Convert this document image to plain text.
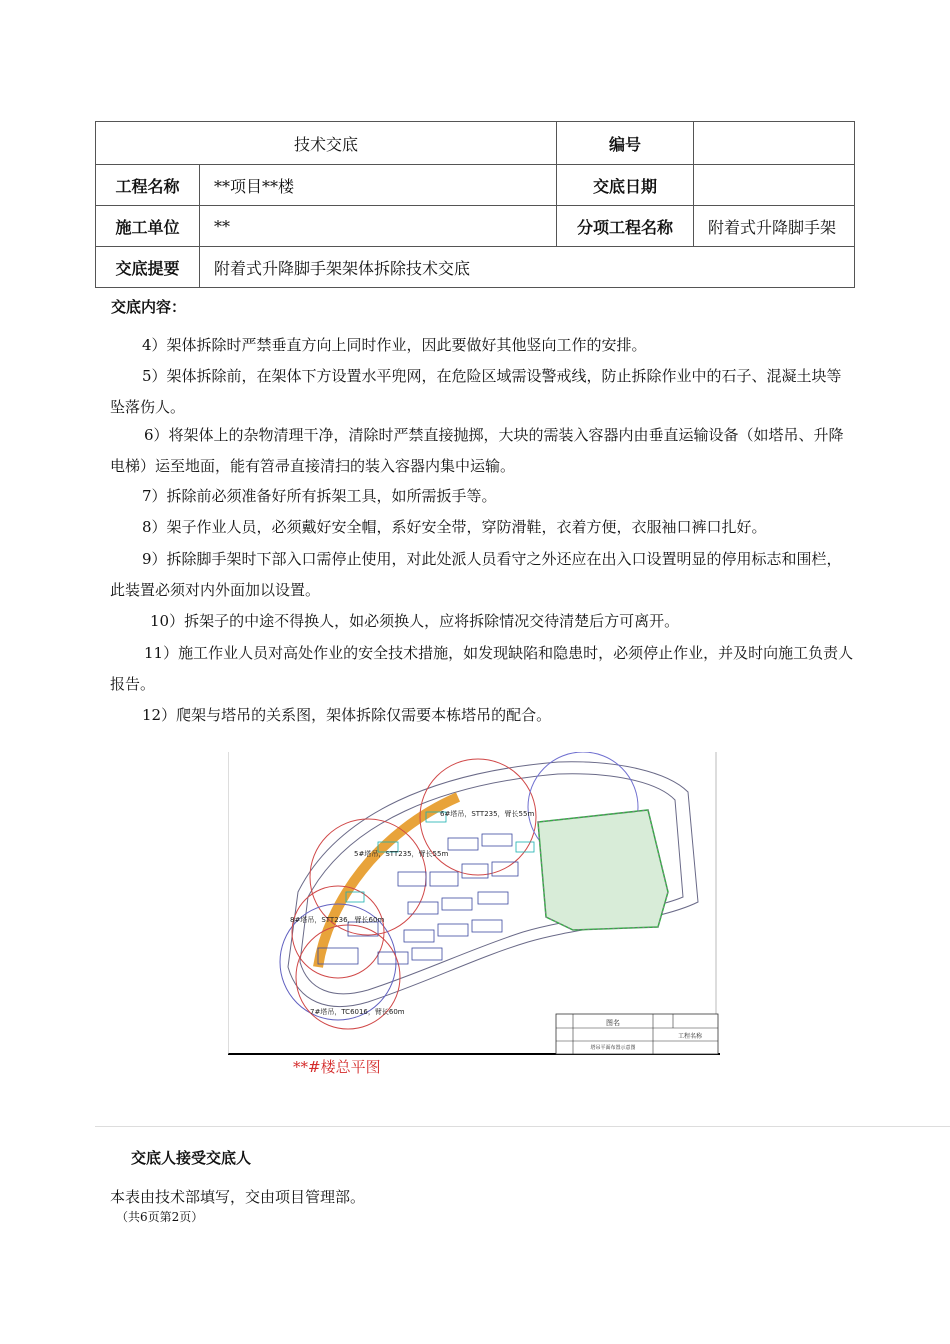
技术交底		编号	
工程名称	**项目**楼	交底日期	
施工单位	**	分项工程名称	附着式升降脚手架
交底提要	附着式升降脚手架架体拆除技术交底		
交底内容：

4）架体拆除时严禁垂直方向上同时作业，因此要做好其他竖向工作的安排。

5）架体拆除前，在架体下方设置水平兜网，在危险区域需设警戒线，防止拆除作业中的石子、混凝土块等坠落伤人。

6）将架体上的杂物清理干净，清除时严禁直接抛掷，大块的需装入容器内由垂直运输设备（如塔吊、升降电梯）运至地面，能有笤帚直接清扫的装入容器内集中运输。

7）拆除前必须准备好所有拆架工具，如所需扳手等。

8）架子作业人员，必须戴好安全帽，系好安全带，穿防滑鞋，衣着方便，衣服袖口裤口扎好。

9）拆除脚手架时下部入口需停止使用，对此处派人员看守之外还应在出入口设置明显的停用标志和围栏，此装置必须对内外面加以设置。

10）拆架子的中途不得换人，如必须换人，应将拆除情况交待清楚后方可离开。

11）施工作业人员对高处作业的安全技术措施，如发现缺陷和隐患时，必须停止作业，并及时向施工负责人报告。

12）爬架与塔吊的关系图，架体拆除仅需要本栋塔吊的配合。

6#塔吊，STT235，臂长55m
5#塔吊，STT235，臂长55m
8#塔吊，STT236，臂长60m
7#塔吊，TC6016，臂长60m
图名
塔吊平面布置示意图
工程名称
**#楼总平图
交底人接受交底人
本表由技术部填写，交由项目管理部。
（共6页第2页）
